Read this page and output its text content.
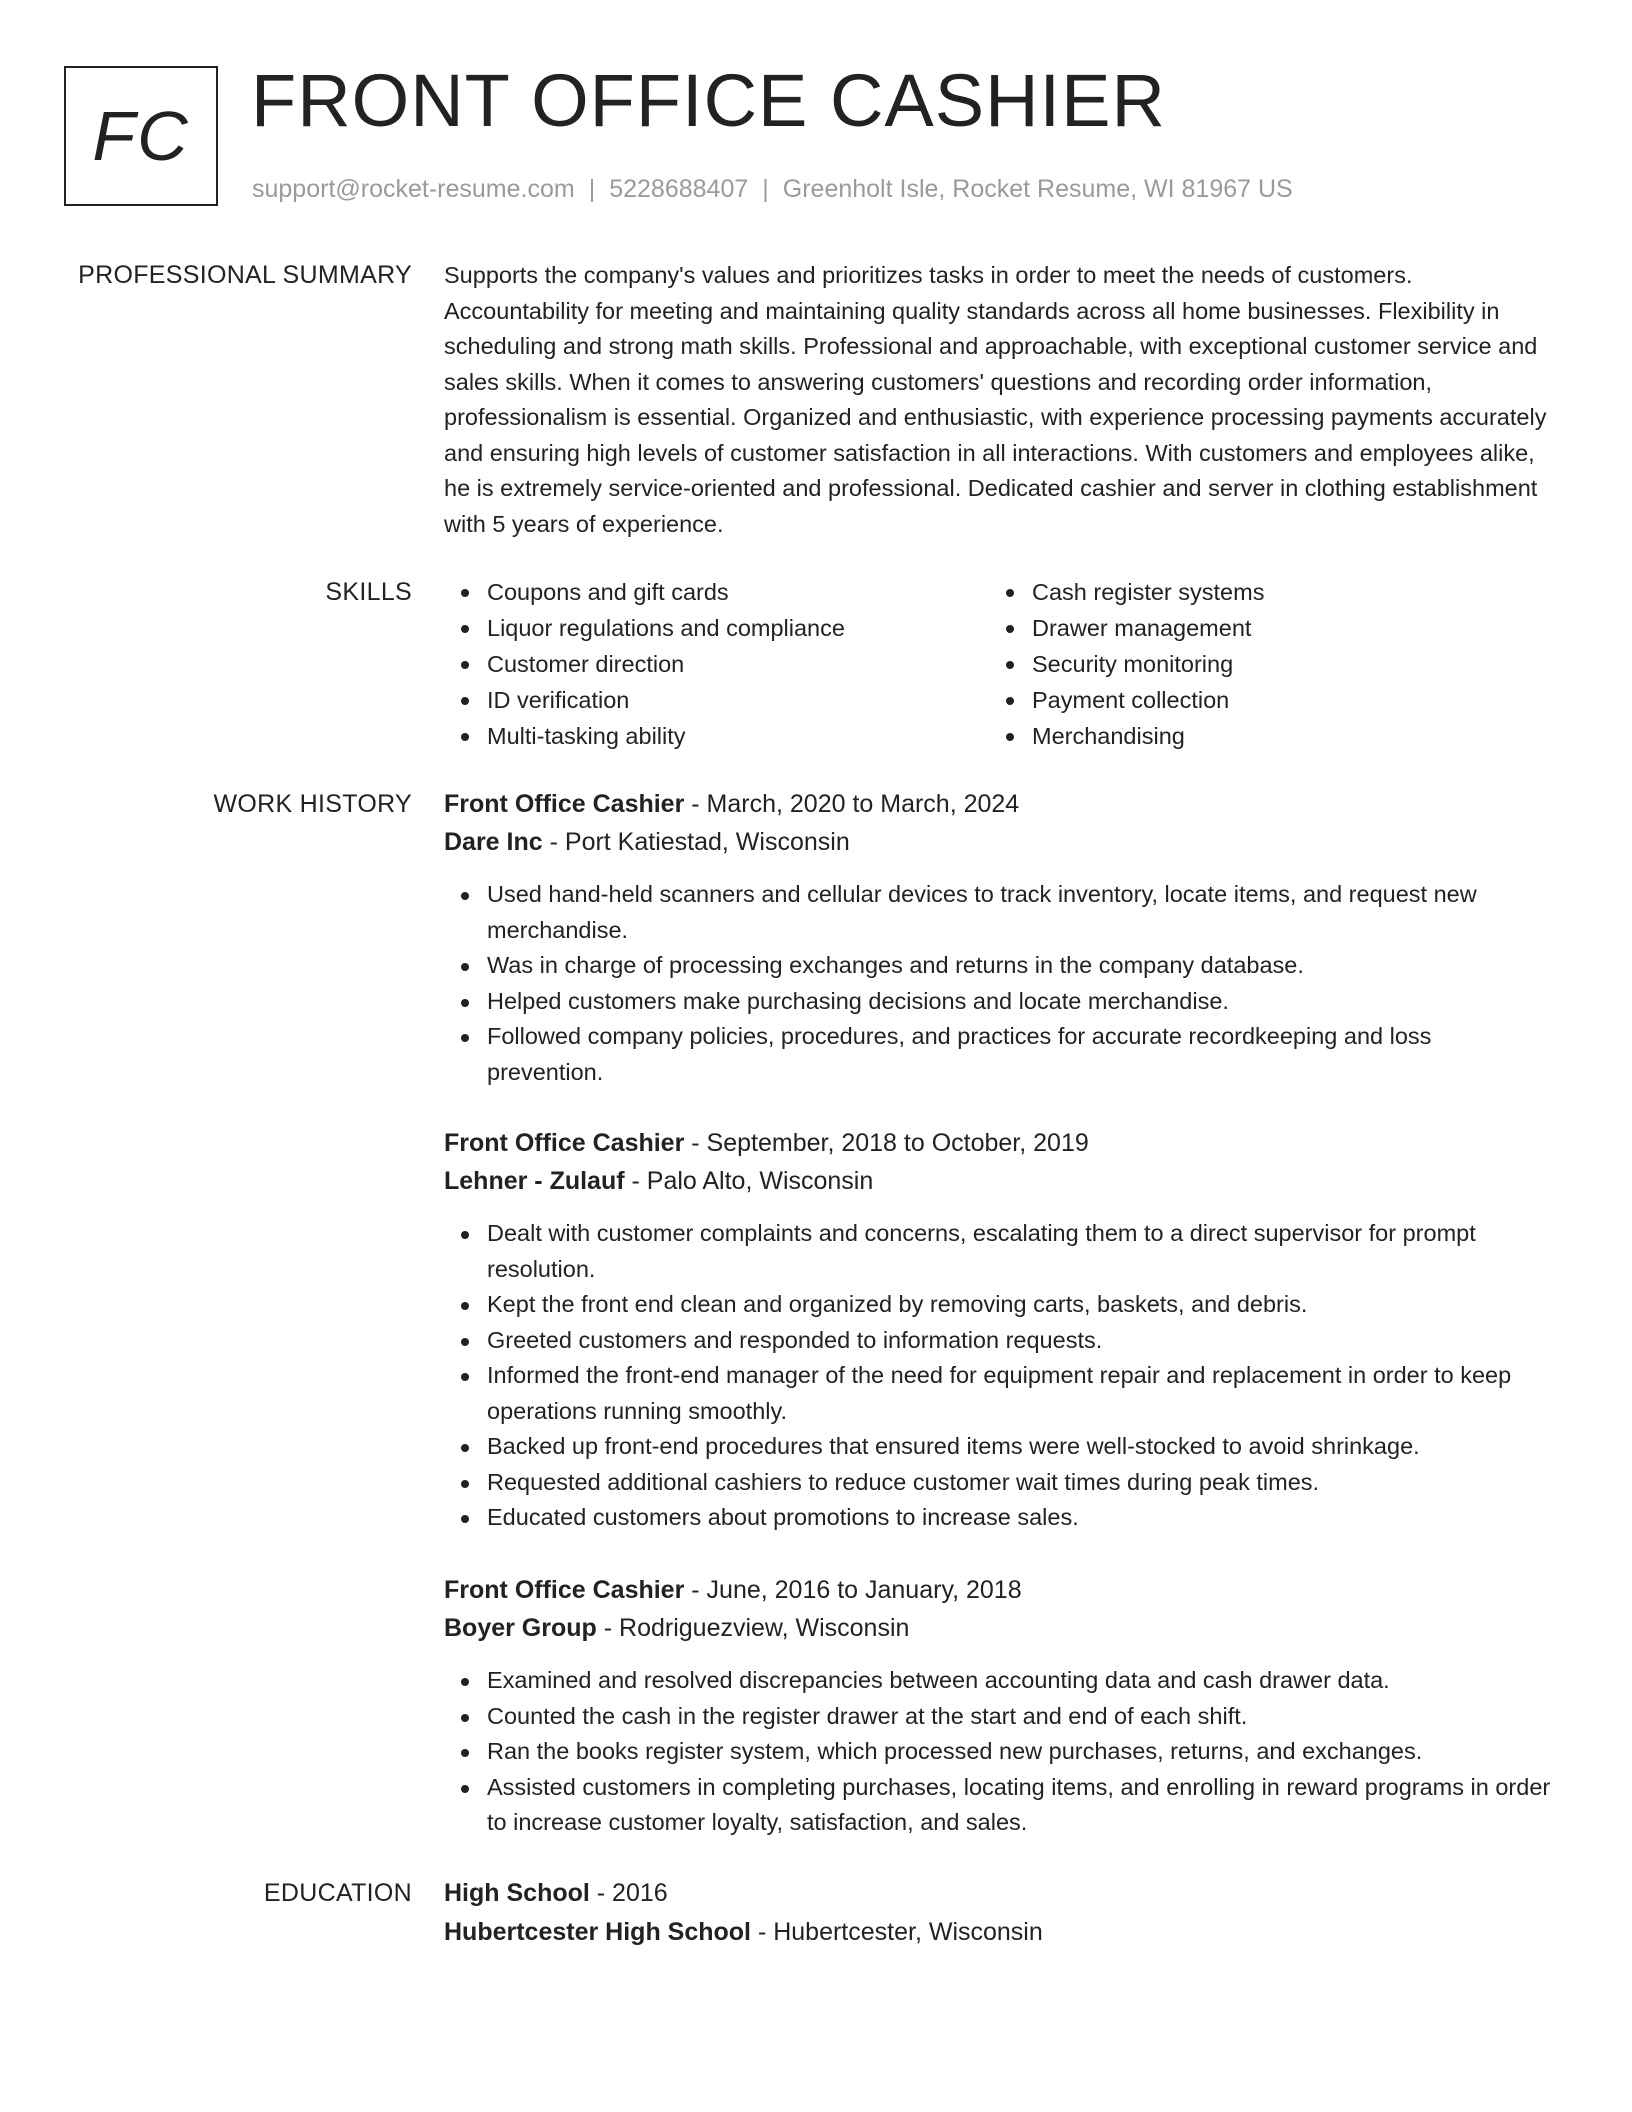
FC FRONT OFFICE CASHIER
support@rocket-resume.com | 5228688407 | Greenholt Isle, Rocket Resume, WI 81967 US
PROFESSIONAL SUMMARY Supports the company's values and prioritizes tasks in order to meet the needs of customers. Accountability for meeting and maintaining quality standards across all home businesses. Flexibility in scheduling and strong math skills. Professional and approachable, with exceptional customer service and sales skills. When it comes to answering customers' questions and recording order information, professionalism is essential. Organized and enthusiastic, with experience processing payments accurately and ensuring high levels of customer satisfaction in all interactions. With customers and employees alike, he is extremely service-oriented and professional. Dedicated cashier and server in clothing establishment with 5 years of experience.

SKILLS	Coupons and gift cards
Liquor regulations and compliance
Customer direction
ID verification
Multi-tasking ability
Cash register systems
Drawer management
Security monitoring
Payment collection
Merchandising
WORK HISTORY Front Office Cashier - March, 2020 to March, 2024
Dare Inc - Port Katiestad, Wisconsin
Used hand-held scanners and cellular devices to track inventory, locate items, and request new merchandise.
Was in charge of processing exchanges and returns in the company database.
Helped customers make purchasing decisions and locate merchandise.
Followed company policies, procedures, and practices for accurate recordkeeping and loss prevention.
Front Office Cashier - September, 2018 to October, 2019
Lehner - Zulauf - Palo Alto, Wisconsin
Dealt with customer complaints and concerns, escalating them to a direct supervisor for prompt resolution.
Kept the front end clean and organized by removing carts, baskets, and debris.
Greeted customers and responded to information requests.
Informed the front-end manager of the need for equipment repair and replacement in order to keep operations running smoothly.
Backed up front-end procedures that ensured items were well-stocked to avoid shrinkage.
Requested additional cashiers to reduce customer wait times during peak times.
Educated customers about promotions to increase sales.
Front Office Cashier - June, 2016 to January, 2018
Boyer Group - Rodriguezview, Wisconsin
Examined and resolved discrepancies between accounting data and cash drawer data.
Counted the cash in the register drawer at the start and end of each shift.
Ran the books register system, which processed new purchases, returns, and exchanges.
Assisted customers in completing purchases, locating items, and enrolling in reward programs in order to increase customer loyalty, satisfaction, and sales.
EDUCATION High School - 2016
Hubertcester High School - Hubertcester, Wisconsin
